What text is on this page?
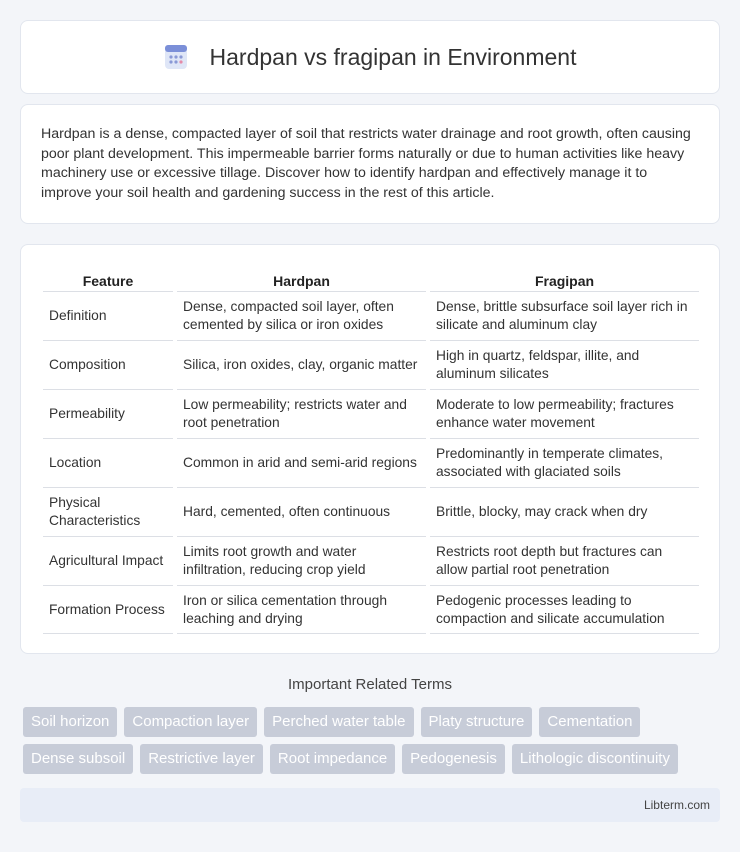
Hardpan vs fragipan in Environment

Hardpan is a dense, compacted layer of soil that restricts water drainage and root growth, often causing poor plant development. This impermeable barrier forms naturally or due to human activities like heavy machinery use or excessive tillage. Discover how to identify hardpan and effectively manage it to improve your soil health and gardening success in the rest of this article.

Feature		Hardpan		Fragipan
Definition		Dense, compacted soil layer, often cemented by silica or iron oxides		Dense, brittle subsurface soil layer rich in silicate and aluminum clay
Composition		Silica, iron oxides, clay, organic matter		High in quartz, feldspar, illite, and aluminum silicates
Permeability		Low permeability; restricts water and root penetration		Moderate to low permeability; fractures enhance water movement
Location		Common in arid and semi-arid regions		Predominantly in temperate climates, associated with glaciated soils
Physical Characteristics		Hard, cemented, often continuous		Brittle, blocky, may crack when dry
Agricultural Impact		Limits root growth and water infiltration, reducing crop yield		Restricts root depth but fractures can allow partial root penetration
Formation Process		Iron or silica cementation through leaching and drying		Pedogenic processes leading to compaction and silicate accumulation
Important Related Terms
Soil horizon	Compaction layer	Perched water table	Platy structure	Cementation
Dense subsoil	Restrictive layer	Root impedance	Pedogenesis	Lithologic discontinuity
Libterm.com
